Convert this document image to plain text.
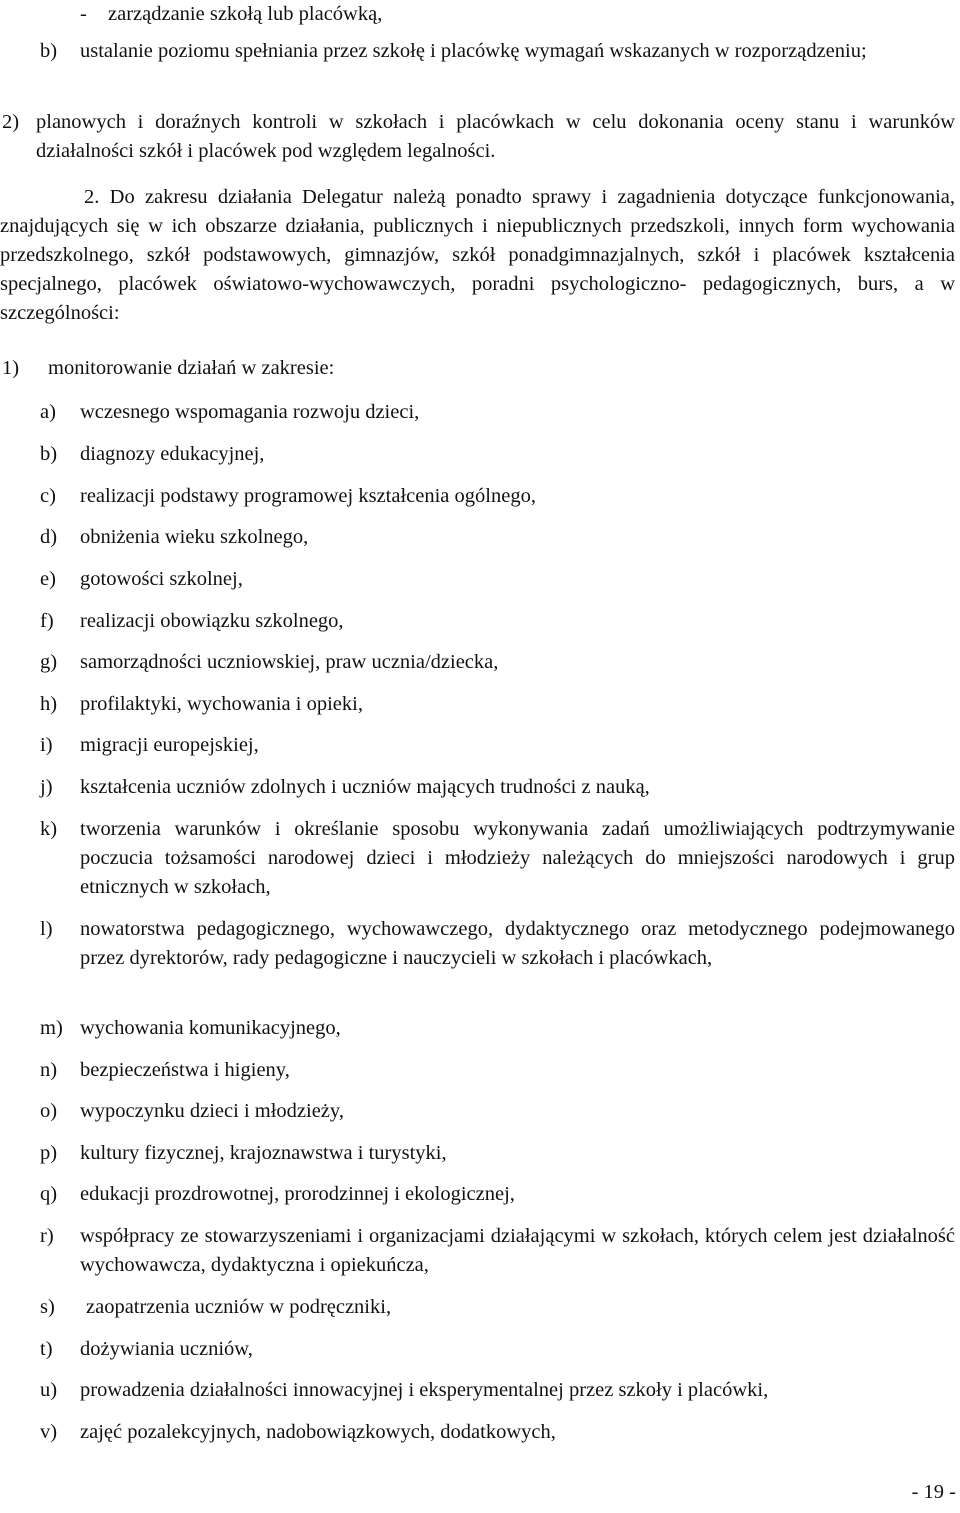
-	zarządzanie szkołą lub placówką,
b)	ustalanie poziomu spełniania przez szkołę i placówkę wymagań wskazanych w rozporządzeniu;
2) planowych i doraźnych kontroli w szkołach i placówkach w celu dokonania oceny stanu i warunków działalności szkół i placówek pod względem legalności.

2. Do zakresu działania Delegatur należą ponadto sprawy i zagadnienia dotyczące funkcjonowania, znajdujących się w ich obszarze działania, publicznych i niepublicznych przedszkoli, innych form wychowania przedszkolnego, szkół podstawowych, gimnazjów, szkół ponadgimnazjalnych, szkół i placówek kształcenia specjalnego, placówek oświatowo-wychowawczych, poradni psychologiczno- pedagogicznych, burs, a w szczególności:

1)	monitorowanie działań w zakresie:
a)	wczesnego wspomagania rozwoju dzieci,
b)	diagnozy edukacyjnej,
c)	realizacji podstawy programowej kształcenia ogólnego,
d)	obniżenia wieku szkolnego,
e)	gotowości szkolnej,
f)	realizacji obowiązku szkolnego,
g)	samorządności uczniowskiej, praw ucznia/dziecka,
h)	profilaktyki, wychowania i opieki,
i)	migracji europejskiej,
j)	kształcenia uczniów zdolnych i uczniów mających trudności z nauką,
k)	tworzenia warunków i określanie sposobu wykonywania zadań umożliwiających podtrzymywanie poczucia tożsamości narodowej dzieci i młodzieży należących do mniejszości narodowych i grup etnicznych w szkołach,
l)	nowatorstwa pedagogicznego, wychowawczego, dydaktycznego oraz metodycznego podejmowanego przez dyrektorów, rady pedagogiczne i nauczycieli w szkołach i placówkach,
m) wychowania komunikacyjnego,
n)	bezpieczeństwa i higieny,
o)	wypoczynku dzieci i młodzieży,
p)	kultury fizycznej, krajoznawstwa i turystyki,
q)	edukacji prozdrowotnej, prorodzinnej i ekologicznej,
r)	współpracy ze stowarzyszeniami i organizacjami działającymi w szkołach, których celem jest działalność wychowawcza, dydaktyczna i opiekuńcza,
s)	zaopatrzenia uczniów w podręczniki,
t)	dożywiania uczniów,
u)	prowadzenia działalności innowacyjnej i eksperymentalnej przez szkoły i placówki,
v)	zajęć pozalekcyjnych, nadobowiązkowych, dodatkowych,
- 19 -
